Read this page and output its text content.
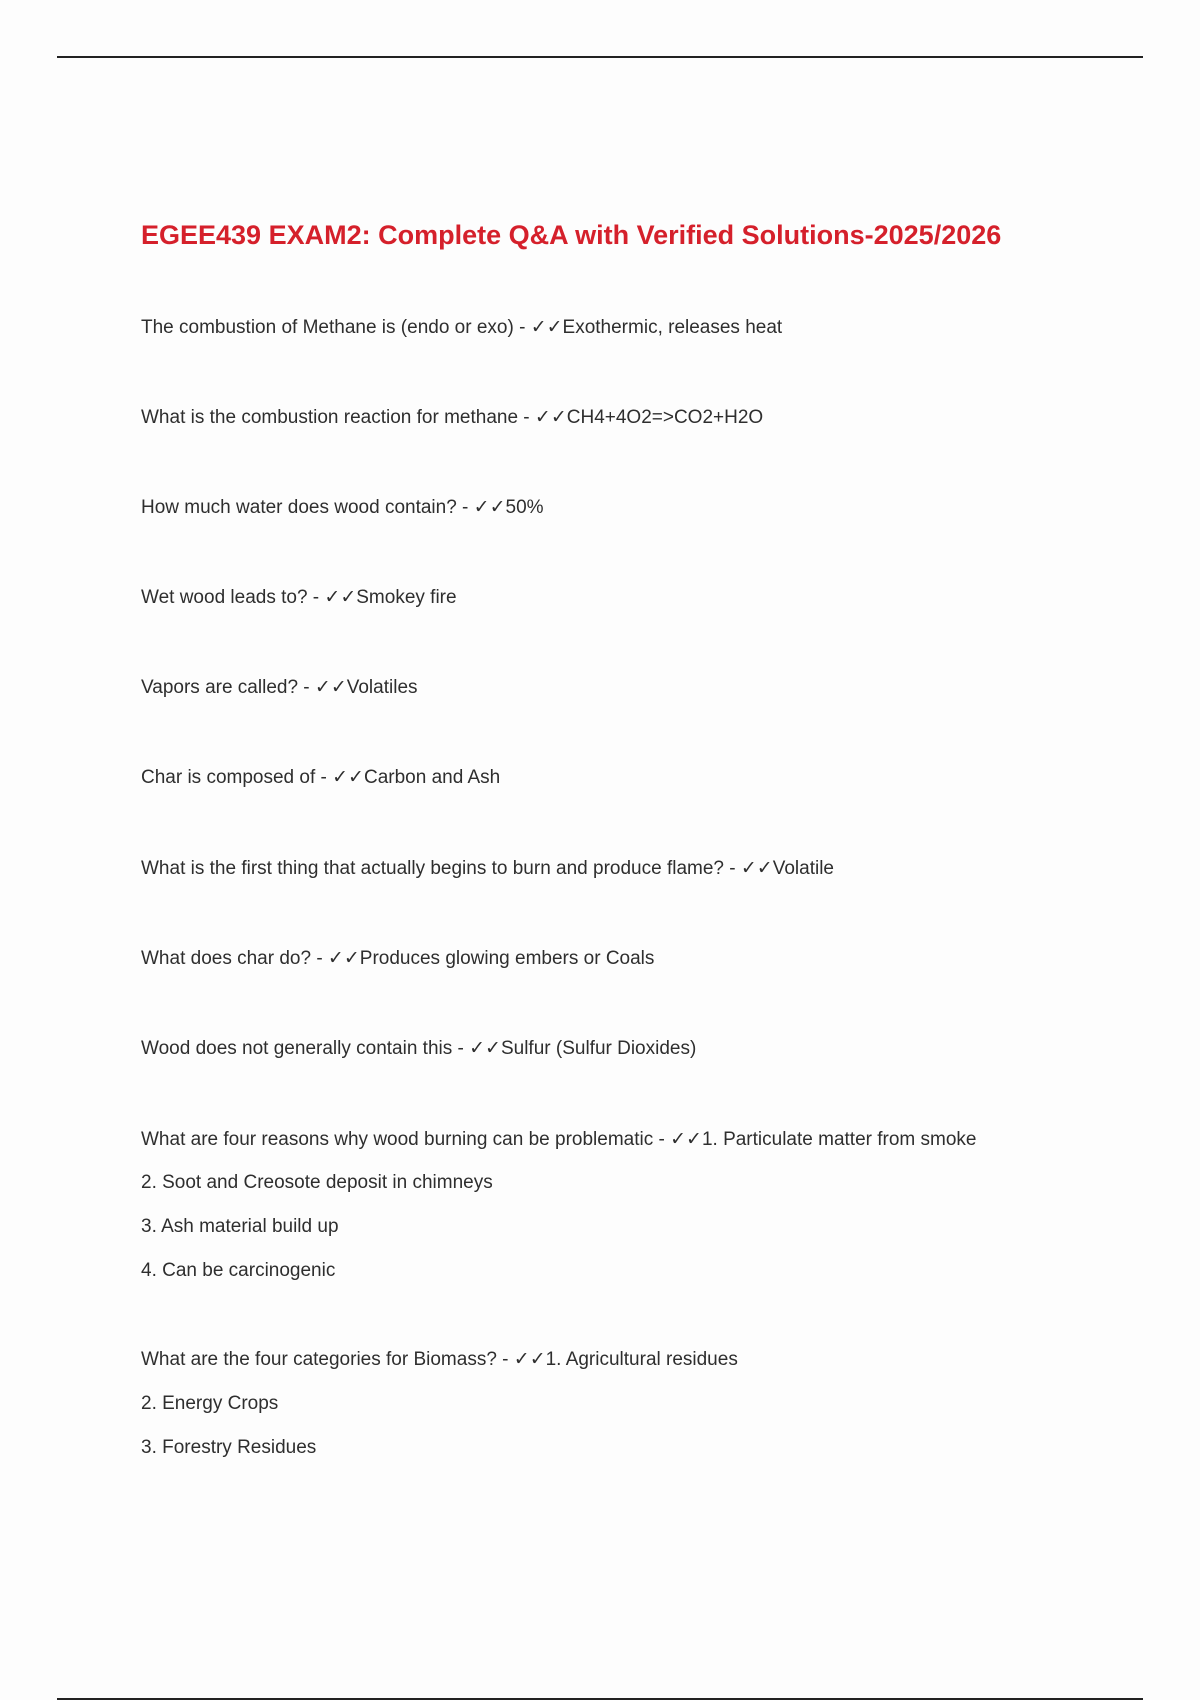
EGEE439 EXAM2: Complete Q&A with Verified Solutions-2025/2026
The combustion of Methane is (endo or exo) - ✓✓Exothermic, releases heat
What is the combustion reaction for methane - ✓✓CH4+4O2=>CO2+H2O
How much water does wood contain? - ✓✓50%
Wet wood leads to? - ✓✓Smokey fire
Vapors are called? - ✓✓Volatiles
Char is composed of - ✓✓Carbon and Ash
What is the first thing that actually begins to burn and produce flame? - ✓✓Volatile
What does char do? - ✓✓Produces glowing embers or Coals
Wood does not generally contain this - ✓✓Sulfur (Sulfur Dioxides)
What are four reasons why wood burning can be problematic - ✓✓1. Particulate matter from smoke
2. Soot and Creosote deposit in chimneys
3. Ash material build up
4. Can be carcinogenic
What are the four categories for Biomass? - ✓✓1. Agricultural residues
2. Energy Crops
3. Forestry Residues
